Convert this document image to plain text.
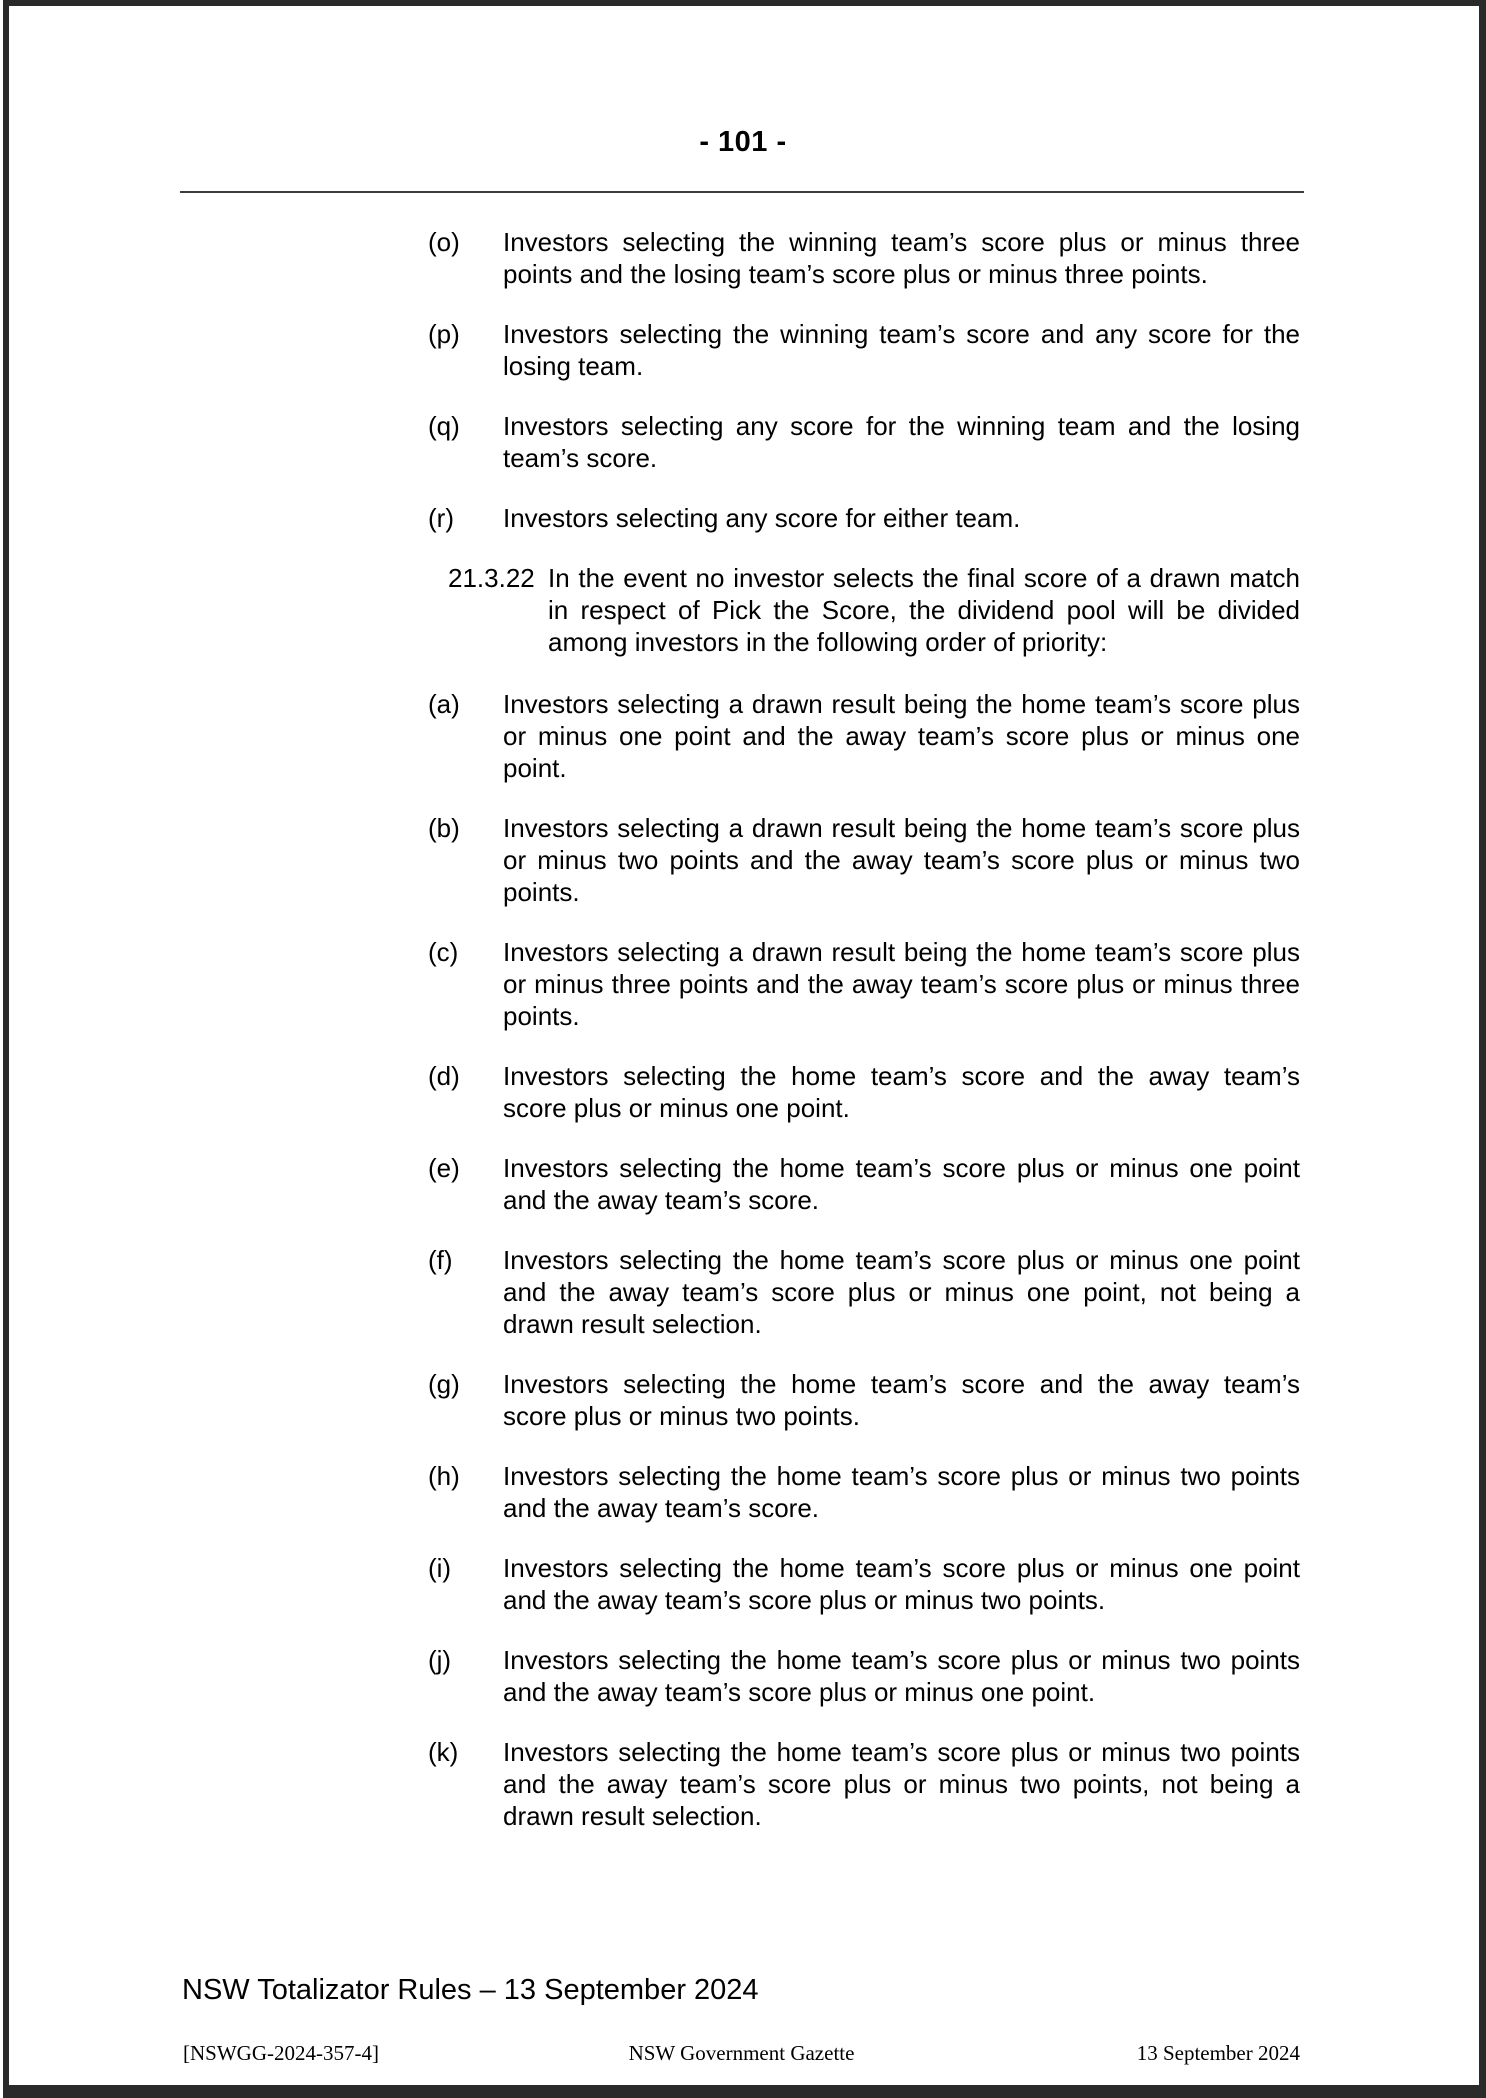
- 101 -
(o)	Investors selecting the winning team’s score plus or minus three points and the losing team’s score plus or minus three points.
(p)	Investors selecting the winning team’s score and any score for the losing team.
(q)	Investors selecting any score for the winning team and the losing team’s score.
(r)	Investors selecting any score for either team.
21.3.22 In the event no investor selects the final score of a drawn match in respect of Pick the Score, the dividend pool will be divided among investors in the following order of priority:
(a)	Investors selecting a drawn result being the home team’s score plus or minus one point and the away team’s score plus or minus one point.
(b)	Investors selecting a drawn result being the home team’s score plus or minus two points and the away team’s score plus or minus two points.
(c)	Investors selecting a drawn result being the home team’s score plus or minus three points and the away team’s score plus or minus three points.
(d)	Investors selecting the home team’s score and the away team’s score plus or minus one point.
(e)	Investors selecting the home team’s score plus or minus one point and the away team’s score.
(f)	Investors selecting the home team’s score plus or minus one point and the away team’s score plus or minus one point, not being a drawn result selection.
(g)	Investors selecting the home team’s score and the away team’s score plus or minus two points.
(h)	Investors selecting the home team’s score plus or minus two points and the away team’s score.
(i)	Investors selecting the home team’s score plus or minus one point and the away team’s score plus or minus two points.
(j)	Investors selecting the home team’s score plus or minus two points and the away team’s score plus or minus one point.
(k)	Investors selecting the home team’s score plus or minus two points and the away team’s score plus or minus two points, not being a drawn result selection.
NSW Totalizator Rules – 13 September 2024
[NSWGG-2024-357-4]	NSW Government Gazette	13 September 2024
